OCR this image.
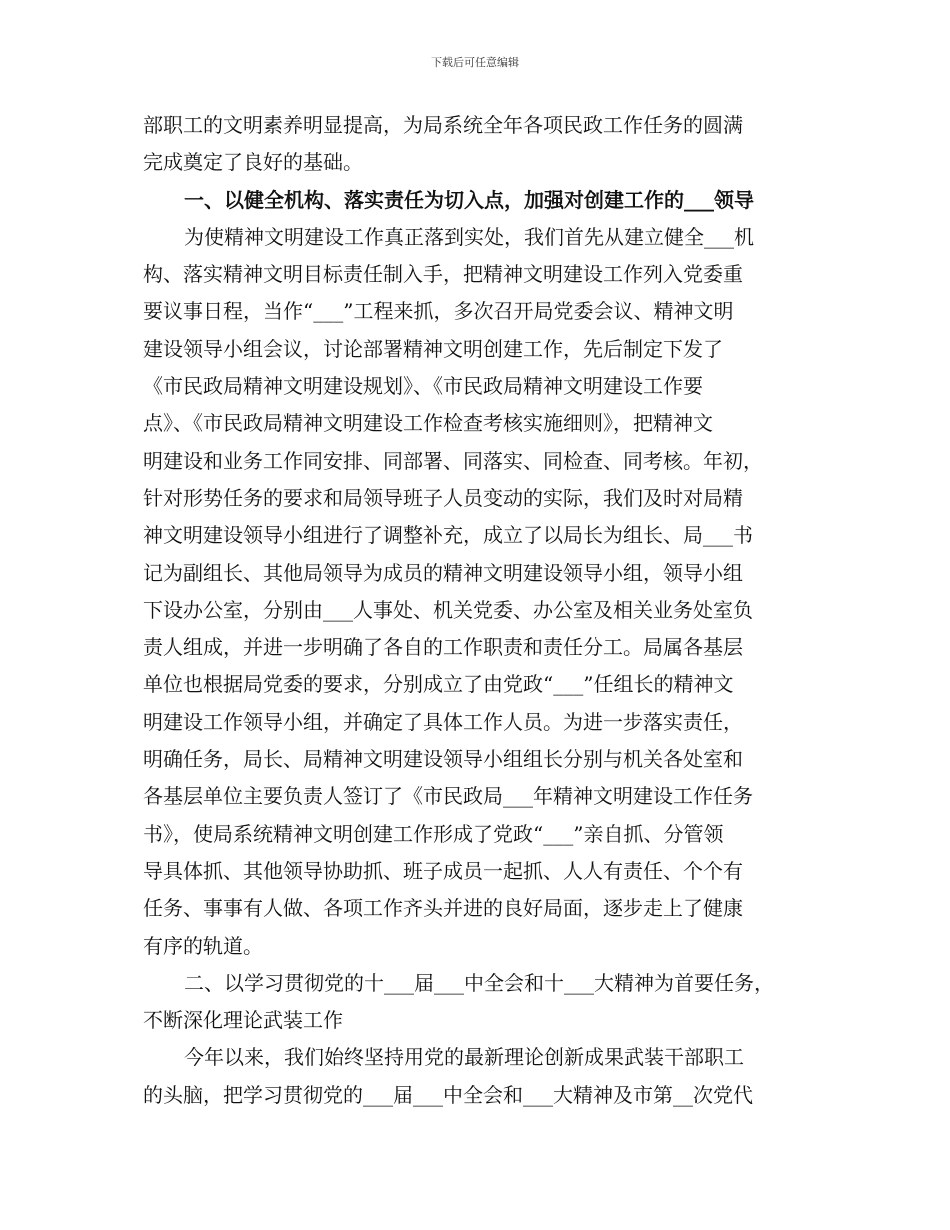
下载后可任意编辑
部职工的文明素养明显提高，为局系统全年各项民政工作任务的圆满
完成奠定了良好的基础。
一、以健全机构、落实责任为切入点，加强对创建工作的___领导
为使精神文明建设工作真正落到实处，我们首先从建立健全___机
构、落实精神文明目标责任制入手，把精神文明建设工作列入党委重
要议事日程，当作“___”工程来抓，多次召开局党委会议、精神文明
建设领导小组会议，讨论部署精神文明创建工作，先后制定下发了
《市民政局精神文明建设规划》、《市民政局精神文明建设工作要
点》、《市民政局精神文明建设工作检查考核实施细则》，把精神文
明建设和业务工作同安排、同部署、同落实、同检查、同考核。年初，
针对形势任务的要求和局领导班子人员变动的实际，我们及时对局精
神文明建设领导小组进行了调整补充，成立了以局长为组长、局___书
记为副组长、其他局领导为成员的精神文明建设领导小组，领导小组
下设办公室，分别由___人事处、机关党委、办公室及相关业务处室负
责人组成，并进一步明确了各自的工作职责和责任分工。局属各基层
单位也根据局党委的要求，分别成立了由党政“___”任组长的精神文
明建设工作领导小组，并确定了具体工作人员。为进一步落实责任，
明确任务，局长、局精神文明建设领导小组组长分别与机关各处室和
各基层单位主要负责人签订了《市民政局___年精神文明建设工作任务
书》，使局系统精神文明创建工作形成了党政“___”亲自抓、分管领
导具体抓、其他领导协助抓、班子成员一起抓、人人有责任、个个有
任务、事事有人做、各项工作齐头并进的良好局面，逐步走上了健康
有序的轨道。
二、以学习贯彻党的十___届___中全会和十___大精神为首要任务，
不断深化理论武装工作
今年以来，我们始终坚持用党的最新理论创新成果武装干部职工
的头脑，把学习贯彻党的___届___中全会和___大精神及市第__次党代
